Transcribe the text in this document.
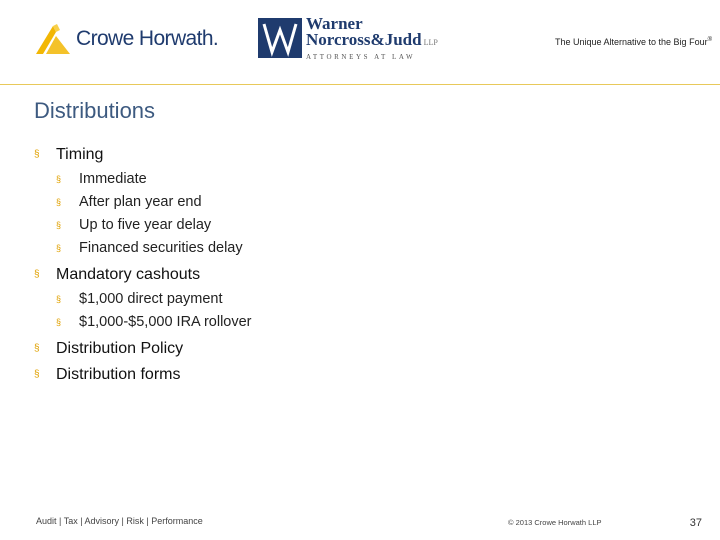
Crowe Horwath.
Warner
Norcross&Judd LLP
ATTORNEYS AT LAW
The Unique Alternative to the Big Four®
Distributions
§ Timing
§ Immediate
§ After plan year end
§ Up to five year delay
§ Financed securities delay
§ Mandatory cashouts
§ $1,000 direct payment
§ $1,000-$5,000 IRA rollover
§ Distribution Policy
§ Distribution forms
Audit | Tax | Advisory | Risk | Performance	© 2013 Crowe Horwath LLP	37
